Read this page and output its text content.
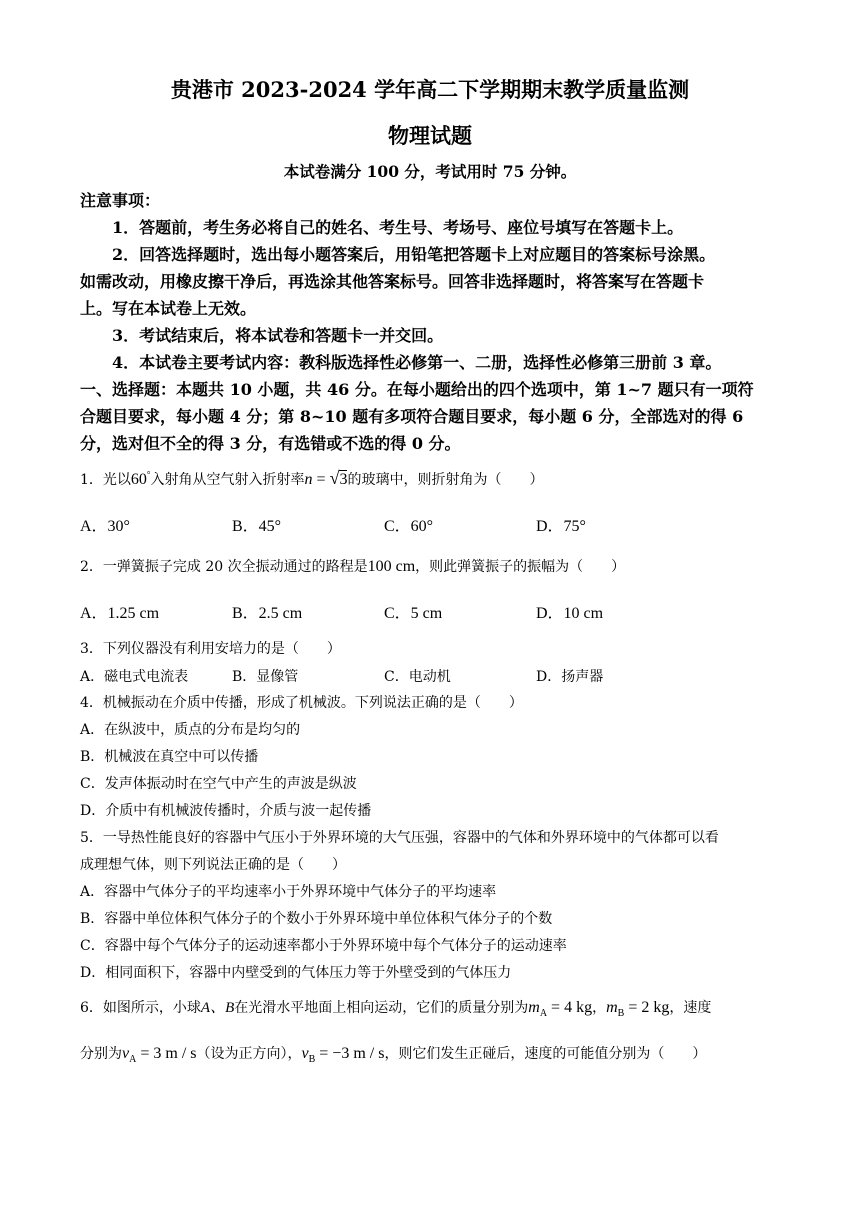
贵港市 2023-2024 学年高二下学期期末教学质量监测
物理试题
本试卷满分 100 分，考试用时 75 分钟。
注意事项：
1．答题前，考生务必将自己的姓名、考生号、考场号、座位号填写在答题卡上。
2．回答选择题时，选出每小题答案后，用铅笔把答题卡上对应题目的答案标号涂黑。
如需改动，用橡皮擦干净后，再选涂其他答案标号。回答非选择题时，将答案写在答题卡
上。写在本试卷上无效。
3．考试结束后，将本试卷和答题卡一并交回。
4．本试卷主要考试内容：教科版选择性必修第一、二册，选择性必修第三册前 3 章。
一、选择题：本题共 10 小题，共 46 分。在每小题给出的四个选项中，第 1~7 题只有一项符
合题目要求，每小题 4 分；第 8~10 题有多项符合题目要求，每小题 6 分，全部选对的得 6
分，选对但不全的得 3 分，有选错或不选的得 0 分。
1．光以60°入射角从空气射入折射率n = √3的玻璃中，则折射角为（　　）
A．30°	B．45°	C．60°	D．75°
2．一弹簧振子完成 20 次全振动通过的路程是100 cm，则此弹簧振子的振幅为（　　）
A．1.25 cm	B．2.5 cm	C．5 cm	D．10 cm
3．下列仪器没有利用安培力的是（　　）
A．磁电式电流表	B．显像管	C．电动机	D．扬声器
4．机械振动在介质中传播，形成了机械波。下列说法正确的是（　　）
A．在纵波中，质点的分布是均匀的
B．机械波在真空中可以传播
C．发声体振动时在空气中产生的声波是纵波
D．介质中有机械波传播时，介质与波一起传播
5．一导热性能良好的容器中气压小于外界环境的大气压强，容器中的气体和外界环境中的气体都可以看
成理想气体，则下列说法正确的是（　　）
A．容器中气体分子的平均速率小于外界环境中气体分子的平均速率
B．容器中单位体积气体分子的个数小于外界环境中单位体积气体分子的个数
C．容器中每个气体分子的运动速率都小于外界环境中每个气体分子的运动速率
D．相同面积下，容器中内壁受到的气体压力等于外壁受到的气体压力
6．如图所示，小球A、B在光滑水平地面上相向运动，它们的质量分别为$m_A = 4$ kg，$m_B = 2$ kg，速度
分别为$v_A = 3$ m / s（设为正方向），$v_B = -3$ m / s，则它们发生正碰后，速度的可能值分别为（　　）
